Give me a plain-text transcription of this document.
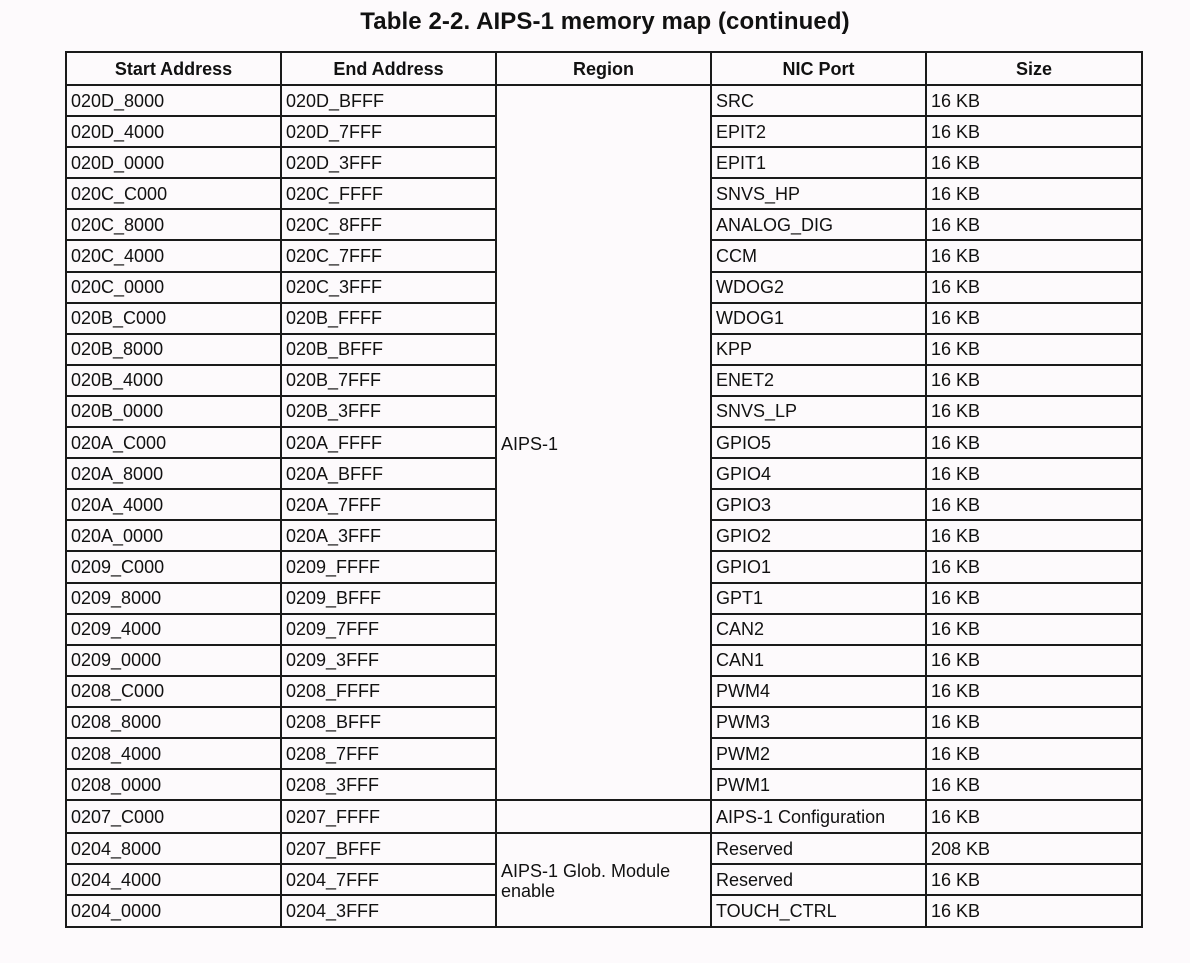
Table 2-2. AIPS-1 memory map (continued)
Start Address	End Address	Region	NIC Port	Size
020D_8000	020D_BFFF	AIPS-1	SRC	16 KB
020D_4000	020D_7FFF		EPIT2	16 KB
020D_0000	020D_3FFF		EPIT1	16 KB
020C_C000	020C_FFFF		SNVS_HP	16 KB
020C_8000	020C_8FFF		ANALOG_DIG	16 KB
020C_4000	020C_7FFF		CCM	16 KB
020C_0000	020C_3FFF		WDOG2	16 KB
020B_C000	020B_FFFF		WDOG1	16 KB
020B_8000	020B_BFFF		KPP	16 KB
020B_4000	020B_7FFF		ENET2	16 KB
020B_0000	020B_3FFF		SNVS_LP	16 KB
020A_C000	020A_FFFF		GPIO5	16 KB
020A_8000	020A_BFFF		GPIO4	16 KB
020A_4000	020A_7FFF		GPIO3	16 KB
020A_0000	020A_3FFF		GPIO2	16 KB
0209_C000	0209_FFFF		GPIO1	16 KB
0209_8000	0209_BFFF		GPT1	16 KB
0209_4000	0209_7FFF		CAN2	16 KB
0209_0000	0209_3FFF		CAN1	16 KB
0208_C000	0208_FFFF		PWM4	16 KB
0208_8000	0208_BFFF		PWM3	16 KB
0208_4000	0208_7FFF		PWM2	16 KB
0208_0000	0208_3FFF		PWM1	16 KB
0207_C000	0207_FFFF		AIPS-1 Configuration	16 KB
0204_8000	0207_BFFF	AIPS-1 Glob. Module enable	Reserved	208 KB
0204_4000	0204_7FFF		Reserved	16 KB
0204_0000	0204_3FFF		TOUCH_CTRL	16 KB
